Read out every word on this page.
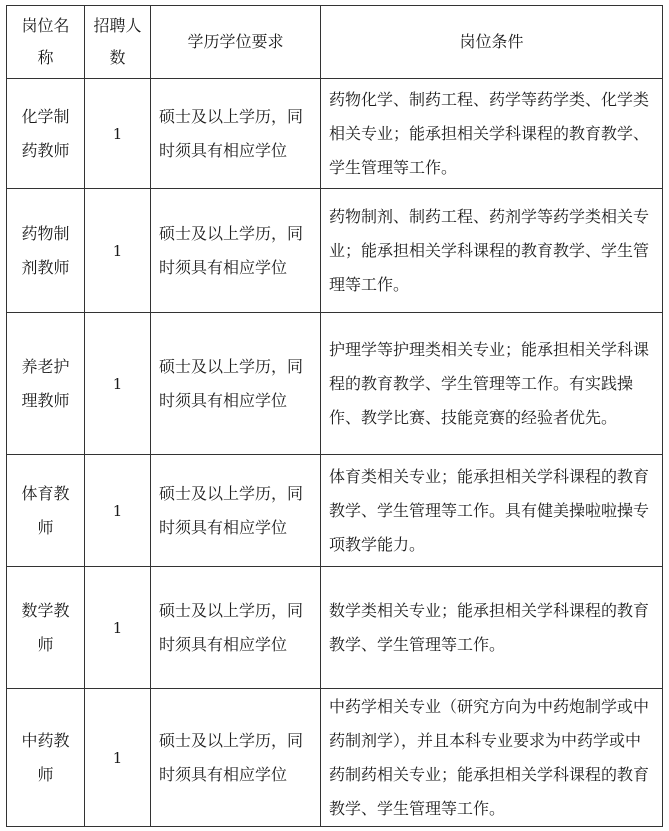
岗位名称	招聘人数	学历学位要求	岗位条件
化学制药教师	1	硕士及以上学历，同时须具有相应学位	药物化学、制药工程、药学等药学类、化学类相关专业；能承担相关学科课程的教育教学、学生管理等工作。
药物制剂教师	1	硕士及以上学历，同时须具有相应学位	药物制剂、制药工程、药剂学等药学类相关专业；能承担相关学科课程的教育教学、学生管理等工作。
养老护理教师	1	硕士及以上学历，同时须具有相应学位	护理学等护理类相关专业；能承担相关学科课程的教育教学、学生管理等工作。有实践操作、教学比赛、技能竞赛的经验者优先。
体育教师	1	硕士及以上学历，同时须具有相应学位	体育类相关专业；能承担相关学科课程的教育教学、学生管理等工作。具有健美操啦啦操专项教学能力。
数学教师	1	硕士及以上学历，同时须具有相应学位	数学类相关专业；能承担相关学科课程的教育教学、学生管理等工作。
中药教师	1	硕士及以上学历，同时须具有相应学位	中药学相关专业（研究方向为中药炮制学或中药制剂学），并且本科专业要求为中药学或中药制药相关专业；能承担相关学科课程的教育教学、学生管理等工作。
